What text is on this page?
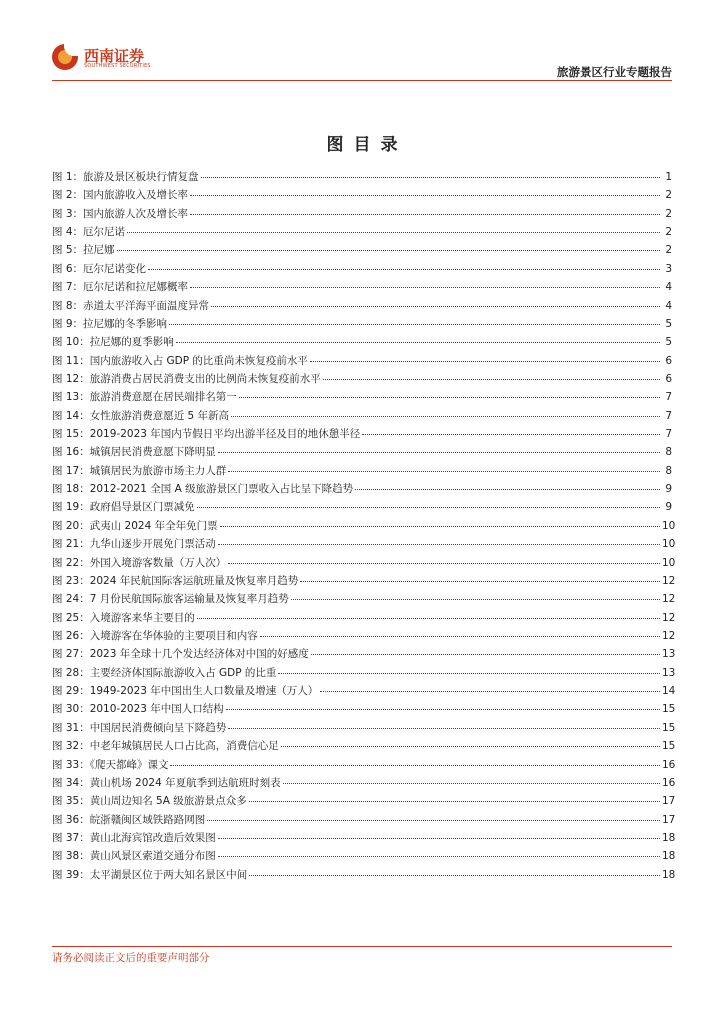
西南证券
SOUTHWEST SECURITIES	旅游景区行业专题报告
图目录
图 1：旅游及景区板块行情复盘	1
图 2：国内旅游收入及增长率	2
图 3：国内旅游人次及增长率	2
图 4：厄尔尼诺	2
图 5：拉尼娜	2
图 6：厄尔尼诺变化	3
图 7：厄尔尼诺和拉尼娜概率	4
图 8：赤道太平洋海平面温度异常	4
图 9：拉尼娜的冬季影响	5
图 10：拉尼娜的夏季影响	5
图 11：国内旅游收入占 GDP 的比重尚未恢复疫前水平	6
图 12：旅游消费占居民消费支出的比例尚未恢复疫前水平	6
图 13：旅游消费意愿在居民端排名第一	7
图 14：女性旅游消费意愿近 5 年新高	7
图 15：2019-2023 年国内节假日平均出游半径及目的地休憩半径	7
图 16：城镇居民消费意愿下降明显	8
图 17：城镇居民为旅游市场主力人群	8
图 18：2012-2021 全国 A 级旅游景区门票收入占比呈下降趋势	9
图 19：政府倡导景区门票减免	9
图 20：武夷山 2024 年全年免门票	10
图 21：九华山逐步开展免门票活动	10
图 22：外国入境游客数量（万人次）	10
图 23：2024 年民航国际客运航班量及恢复率月趋势	12
图 24：7 月份民航国际旅客运输量及恢复率月趋势	12
图 25：入境游客来华主要目的	12
图 26：入境游客在华体验的主要项目和内容	12
图 27：2023 年全球十几个发达经济体对中国的好感度	13
图 28：主要经济体国际旅游收入占 GDP 的比重	13
图 29：1949-2023 年中国出生人口数量及增速（万人）	14
图 30：2010-2023 年中国人口结构	15
图 31：中国居民消费倾向呈下降趋势	15
图 32：中老年城镇居民人口占比高，消费信心足	15
图 33：《爬天都峰》课文	16
图 34：黄山机场 2024 年夏航季到达航班时刻表	16
图 35：黄山周边知名 5A 级旅游景点众多	17
图 36：皖浙赣闽区域铁路路网图	17
图 37：黄山北海宾馆改造后效果图	18
图 38：黄山风景区索道交通分布图	18
图 39：太平湖景区位于两大知名景区中间	18
请务必阅读正文后的重要声明部分
